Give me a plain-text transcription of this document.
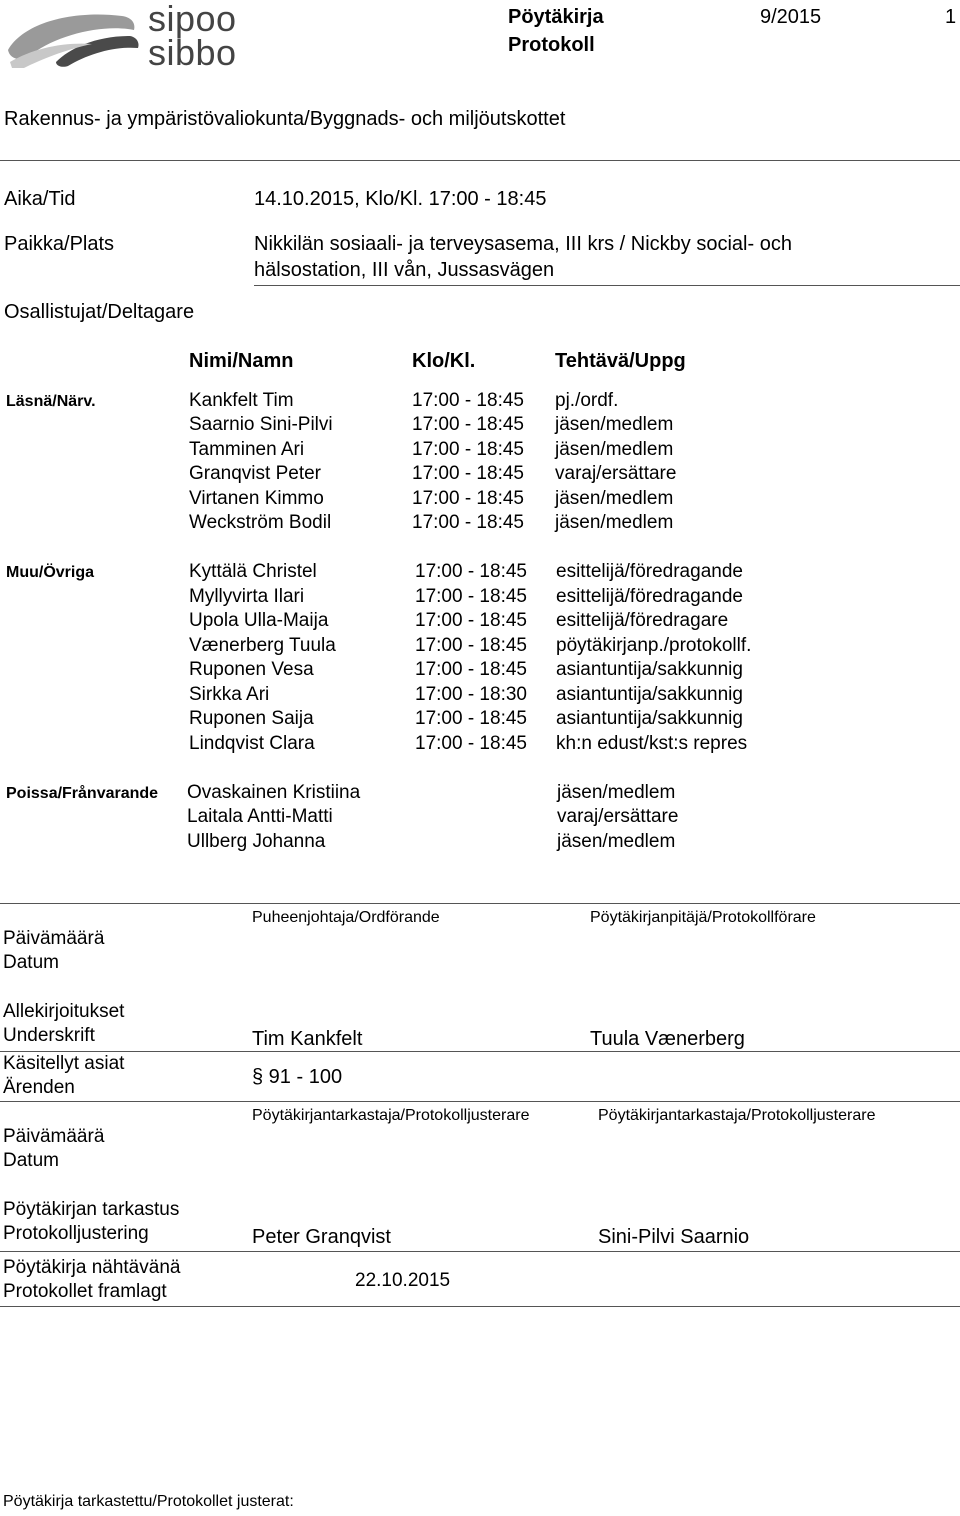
sipoo
sibbo
Pöytäkirja
Protokoll
9/2015	1
Rakennus- ja ympäristövaliokunta/Byggnads- och miljöutskottet
Aika/Tid	14.10.2015, Klo/Kl. 17:00 - 18:45
Paikka/Plats	Nikkilän sosiaali- ja terveysasema, III krs / Nickby social- och
hälsostation, III vån, Jussasvägen
Osallistujat/Deltagare
Nimi/Namn	Klo/Kl.	Tehtävä/Uppg
Läsnä/Närv.	Kankfelt Tim	17:00 - 18:45 pj./ordf.
Saarnio Sini-Pilvi	17:00 - 18:45 jäsen/medlem
Tamminen Ari	17:00 - 18:45 jäsen/medlem
Granqvist Peter	17:00 - 18:45 varaj/ersättare
Virtanen Kimmo	17:00 - 18:45 jäsen/medlem
Weckström Bodil	17:00 - 18:45 jäsen/medlem
Muu/Övriga	Kyttälä Christel	17:00 - 18:45 esittelijä/föredragande
Myllyvirta Ilari	17:00 - 18:45 esittelijä/föredragande
Upola Ulla-Maija	17:00 - 18:45 esittelijä/föredragare
Vænerberg Tuula	17:00 - 18:45 pöytäkirjanp./protokollf.
Ruponen Vesa	17:00 - 18:45 asiantuntija/sakkunnig
Sirkka Ari	17:00 - 18:30 asiantuntija/sakkunnig
Ruponen Saija	17:00 - 18:45 asiantuntija/sakkunnig
Lindqvist Clara	17:00 - 18:45 kh:n edust/kst:s repres
Poissa/Frånvarande Ovaskainen Kristiina	jäsen/medlem
Laitala Antti-Matti	varaj/ersättare
Ullberg Johanna	jäsen/medlem
Puheenjohtaja/Ordförande	Pöytäkirjanpitäjä/Protokollförare
Päivämäärä
Datum
Allekirjoitukset
Underskrift	Tim Kankfelt	Tuula Vænerberg
Käsitellyt asiat
Ärenden	§ 91 - 100
Pöytäkirjantarkastaja/Protokolljusterare	Pöytäkirjantarkastaja/Protokolljusterare
Päivämäärä
Datum
Pöytäkirjan tarkastus
Protokolljustering	Peter Granqvist	Sini-Pilvi Saarnio
Pöytäkirja nähtävänä
Protokollet framlagt
22.10.2015
Pöytäkirja tarkastettu/Protokollet justerat:
